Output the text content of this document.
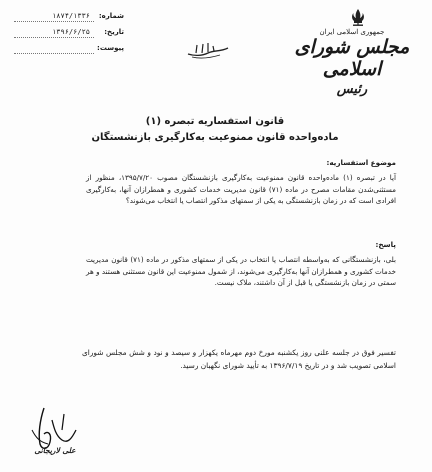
جمهوری اسلامی ایران
مجلس شورای اسلامی
رئیس
شماره:
۱۸۷۴/۱۳۳۶
تاریخ:
۱۳۹۶/۶/۲۵
پیوست:
قانون استفساریه تبصره (۱)
ماده‌واحده قانون ممنوعیت به‌کارگیری بازنشستگان
موضوع استفساریه:
آیا در تبصره (۱) ماده‌واحده قانون ممنوعیت به‌کارگیری بازنشستگان مصوب ۱۳۹۵/۷/۲۰، منظور از مستثنی‌شدن مقامات مصرح در ماده (۷۱) قانون مدیریت خدمات کشوری و همطرازان آنها، به‌کارگیری افرادی است که در زمان بازنشستگی به یکی از سمتهای مذکور انتصاب یا انتخاب می‌شوند؟
پاسخ:
بلی، بازنشستگانی که به‌واسطه انتصاب یا انتخاب در یکی از سمتهای مذکور در ماده (۷۱) قانون مدیریت خدمات کشوری و همطرازان آنها به‌کارگیری می‌شوند، از شمول ممنوعیت این قانون مستثنی هستند و هر سمتی در زمان بازنشستگی یا قبل از آن داشتند، ملاک نیست.
تفسیر فوق در جلسه علنی روز یکشنبه مورخ دوم مهرماه یکهزار و سیصد و نود و شش مجلس شورای اسلامی تصویب شد و در تاریخ ۱۳۹۶/۷/۱۹ به تأیید شورای نگهبان رسید.
علی لاریجانی
